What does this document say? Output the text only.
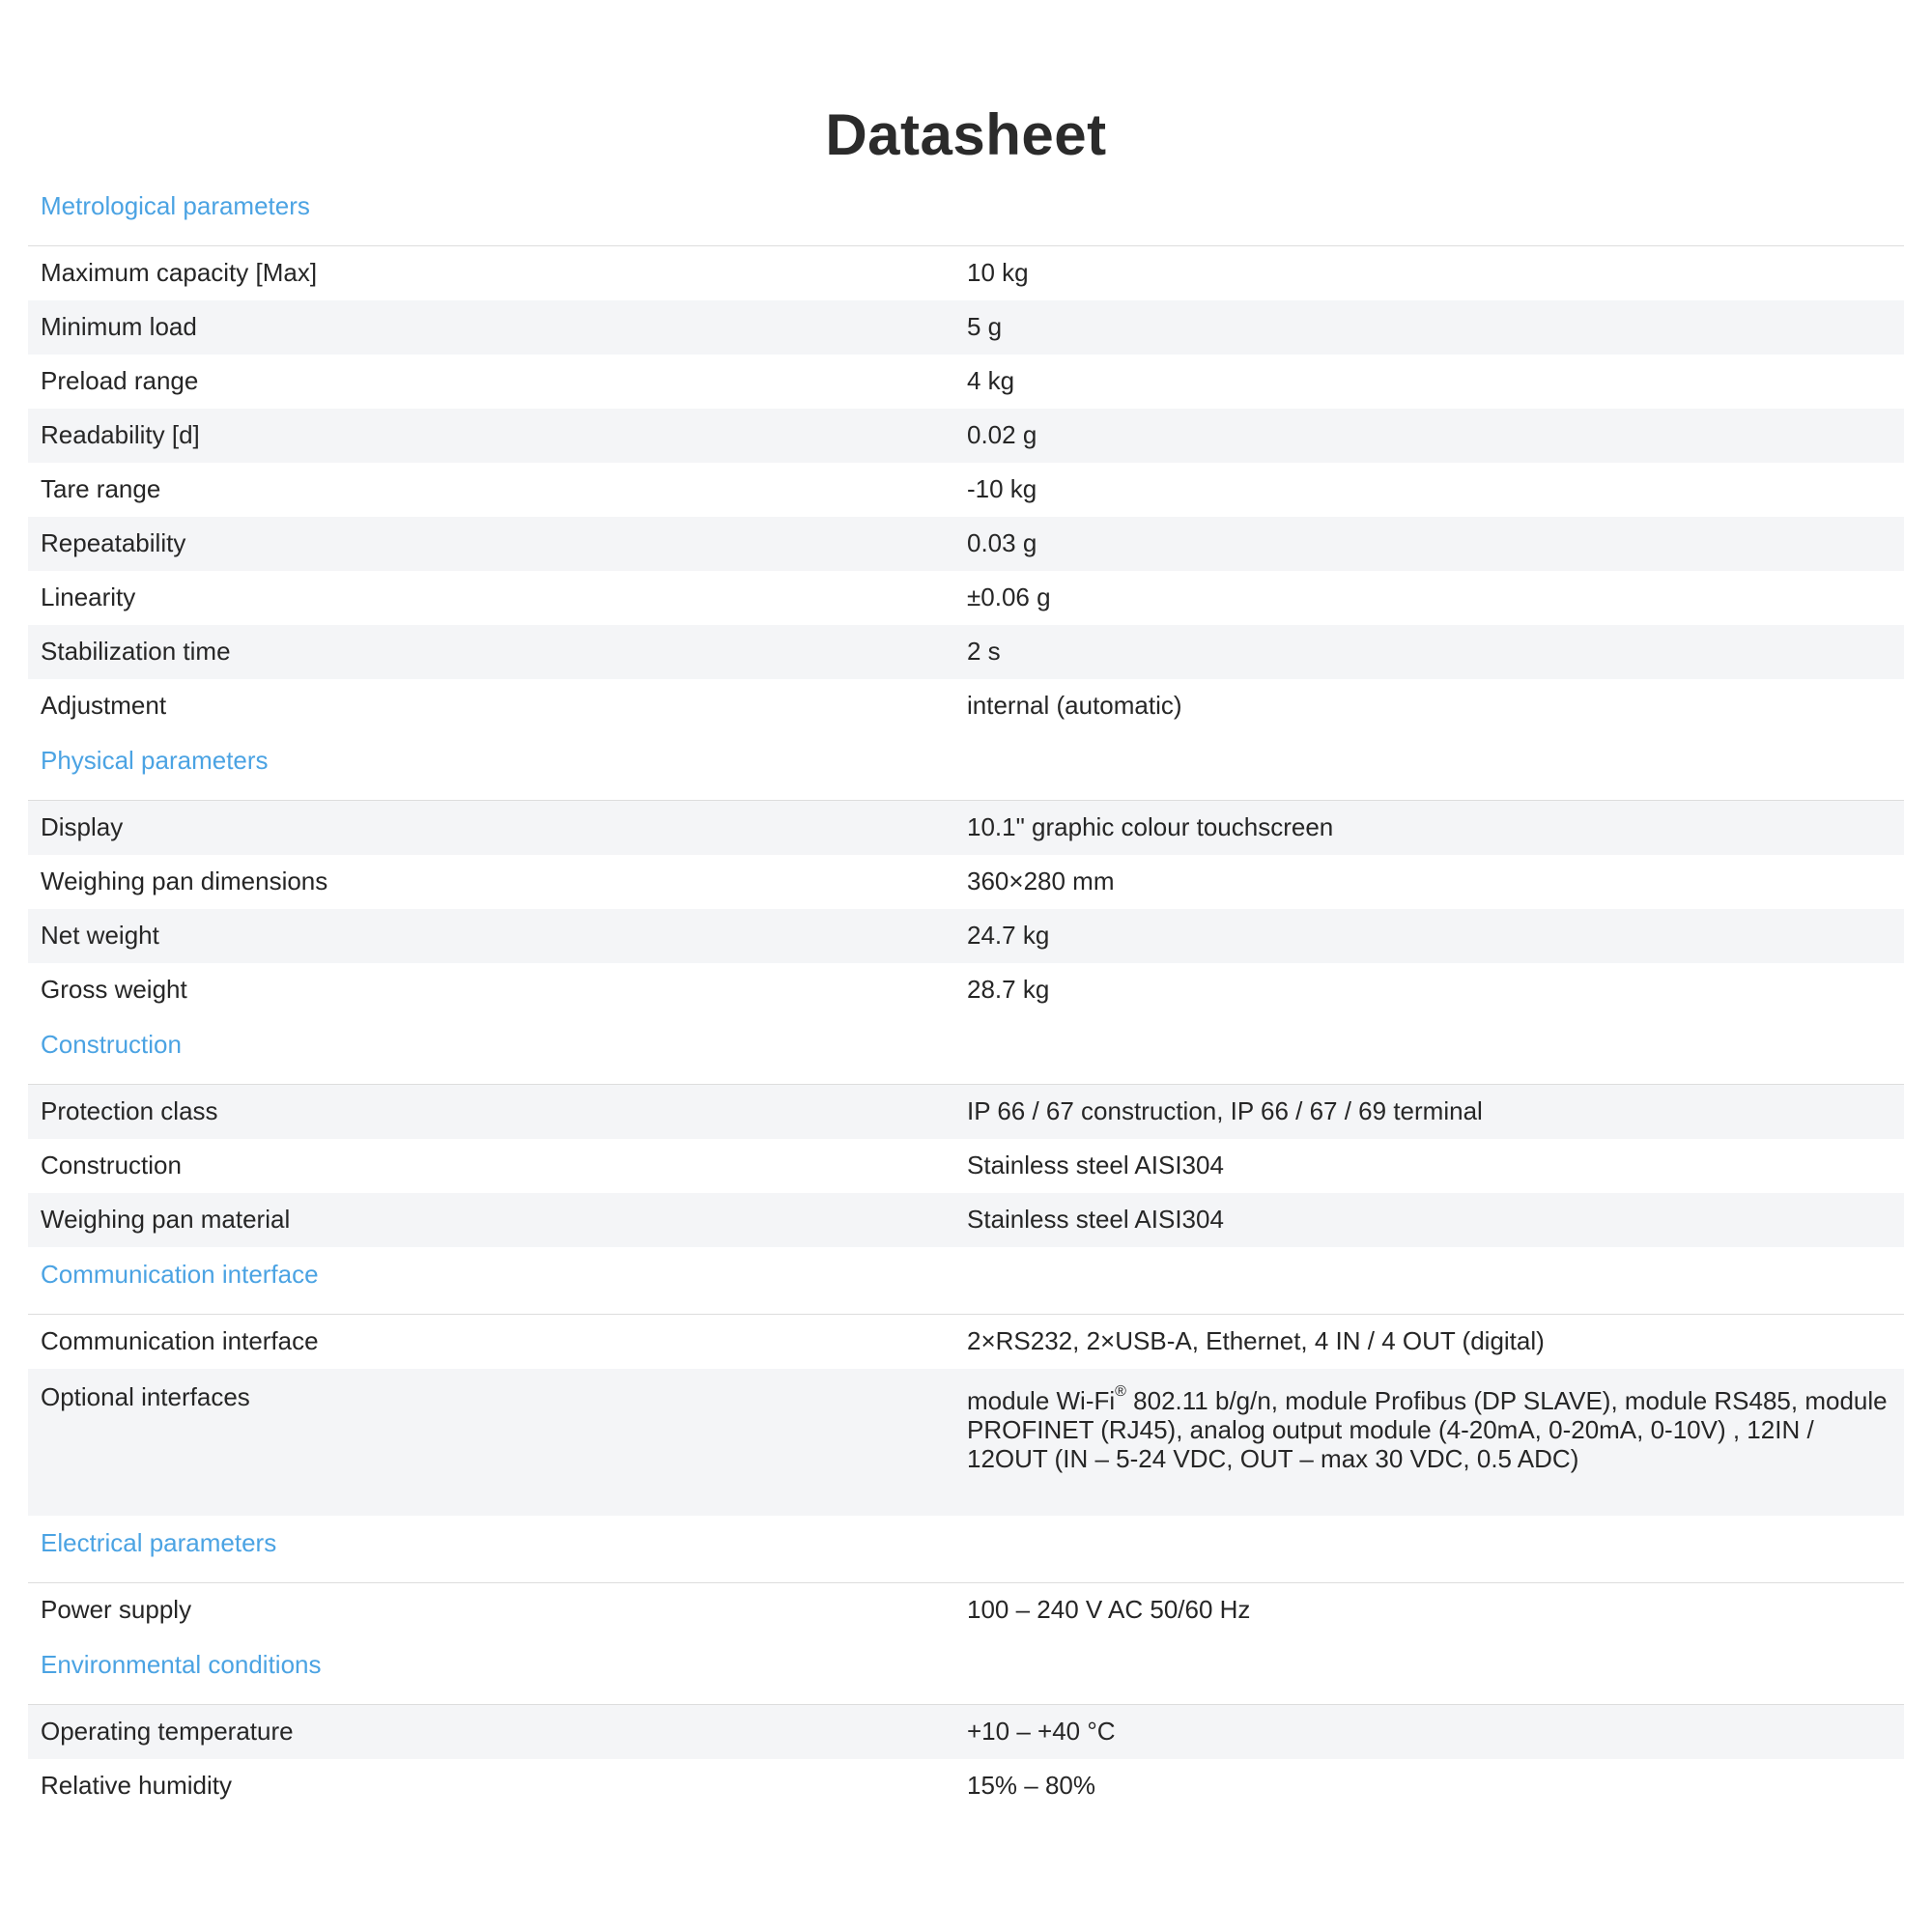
Datasheet
Metrological parameters
Maximum capacity [Max]	10 kg
Minimum load	5 g
Preload range	4 kg
Readability [d]	0.02 g
Tare range	-10 kg
Repeatability	0.03 g
Linearity	±0.06 g
Stabilization time	2 s
Adjustment	internal (automatic)
Physical parameters
Display	10.1" graphic colour touchscreen
Weighing pan dimensions	360×280 mm
Net weight	24.7 kg
Gross weight	28.7 kg
Construction
Protection class	IP 66 / 67 construction, IP 66 / 67 / 69 terminal
Construction	Stainless steel AISI304
Weighing pan material	Stainless steel AISI304
Communication interface
Communication interface	2×RS232, 2×USB-A, Ethernet, 4 IN / 4 OUT (digital)
Optional interfaces	module Wi-Fi® 802.11 b/g/n, module Profibus (DP SLAVE), module RS485, module PROFINET (RJ45), analog output module (4-20mA, 0-20mA, 0-10V) , 12IN / 12OUT (IN – 5-24 VDC, OUT – max 30 VDC, 0.5 ADC)
Electrical parameters
Power supply	100 – 240 V AC 50/60 Hz
Environmental conditions
Operating temperature	+10 – +40 °C
Relative humidity	15% – 80%
